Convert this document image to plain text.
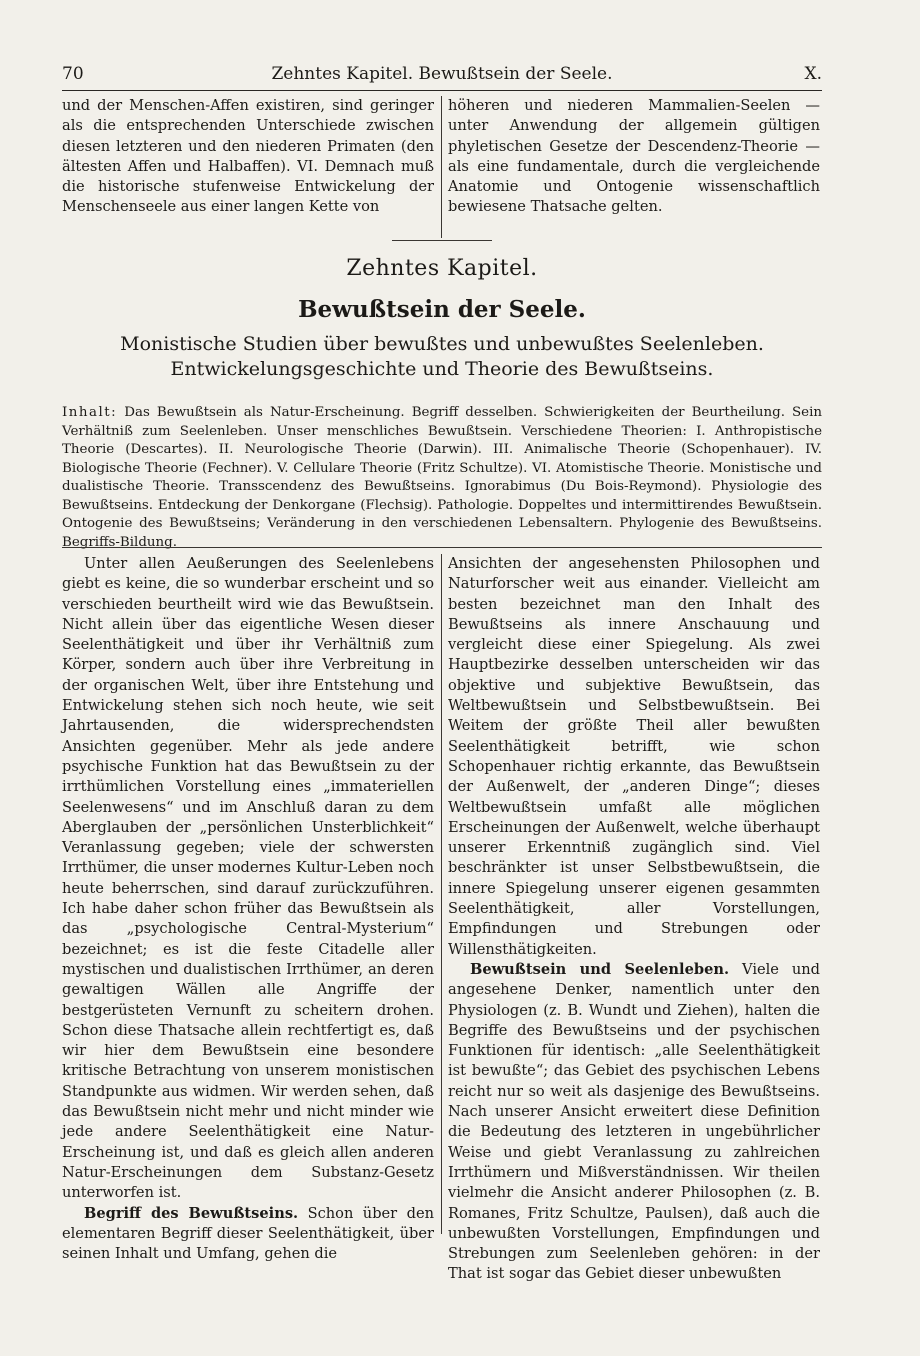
70	Zehntes Kapitel. Bewußtsein der Seele.	X.

und der Menschen-Affen existiren, sind geringer als die entsprechenden Unterschiede zwischen diesen letzteren und den niederen Primaten (den ältesten Affen und Halbaffen). VI. Demnach muß die historische stufenweise Entwickelung der Menschenseele aus einer langen Kette von

höheren und niederen Mammalien-Seelen — unter Anwendung der allgemein gültigen phyletischen Gesetze der Descendenz-Theorie — als eine fundamentale, durch die vergleichende Anatomie und Ontogenie wissenschaftlich bewiesene Thatsache gelten.

Zehntes Kapitel.
Bewußtsein der Seele.
Monistische Studien über bewußtes und unbewußtes Seelenleben. Entwickelungsgeschichte und Theorie des Bewußtseins.

Inhalt: Das Bewußtsein als Natur-Erscheinung. Begriff desselben. Schwierigkeiten der Beurtheilung. Sein Verhältniß zum Seelenleben. Unser menschliches Bewußtsein. Verschiedene Theorien: I. Anthropistische Theorie (Descartes). II. Neurologische Theorie (Darwin). III. Animalische Theorie (Schopenhauer). IV. Biologische Theorie (Fechner). V. Cellulare Theorie (Fritz Schultze). VI. Atomistische Theorie. Monistische und dualistische Theorie. Transscendenz des Bewußtseins. Ignorabimus (Du Bois-Reymond). Physiologie des Bewußtseins. Entdeckung der Denkorgane (Flechsig). Pathologie. Doppeltes und intermittirendes Bewußtsein. Ontogenie des Bewußtseins; Veränderung in den verschiedenen Lebensaltern. Phylogenie des Bewußtseins. Begriffs-Bildung.

Unter allen Aeußerungen des Seelenlebens giebt es keine, die so wunderbar erscheint und so verschieden beurtheilt wird wie das Bewußtsein. Nicht allein über das eigentliche Wesen dieser Seelenthätigkeit und über ihr Verhältniß zum Körper, sondern auch über ihre Verbreitung in der organischen Welt, über ihre Entstehung und Entwickelung stehen sich noch heute, wie seit Jahrtausenden, die widersprechendsten Ansichten gegenüber. Mehr als jede andere psychische Funktion hat das Bewußtsein zu der irrthümlichen Vorstellung eines „immateriellen Seelenwesens“ und im Anschluß daran zu dem Aberglauben der „persönlichen Unsterblichkeit“ Veranlassung gegeben; viele der schwersten Irrthümer, die unser modernes Kultur-Leben noch heute beherrschen, sind darauf zurückzuführen. Ich habe daher schon früher das Bewußtsein als das „psychologische Central-Mysterium“ bezeichnet; es ist die feste Citadelle aller mystischen und dualistischen Irrthümer, an deren gewaltigen Wällen alle Angriffe der bestgerüsteten Vernunft zu scheitern drohen. Schon diese Thatsache allein rechtfertigt es, daß wir hier dem Bewußtsein eine besondere kritische Betrachtung von unserem monistischen Standpunkte aus widmen. Wir werden sehen, daß das Bewußtsein nicht mehr und nicht minder wie jede andere Seelenthätigkeit eine Natur-Erscheinung ist, und daß es gleich allen anderen Natur-Erscheinungen dem Substanz-Gesetz unterworfen ist.

Begriff des Bewußtseins. Schon über den elementaren Begriff dieser Seelenthätigkeit, über seinen Inhalt und Umfang, gehen die

Ansichten der angesehensten Philosophen und Naturforscher weit aus einander. Vielleicht am besten bezeichnet man den Inhalt des Bewußtseins als innere Anschauung und vergleicht diese einer Spiegelung. Als zwei Hauptbezirke desselben unterscheiden wir das objektive und subjektive Bewußtsein, das Weltbewußtsein und Selbstbewußtsein. Bei Weitem der größte Theil aller bewußten Seelenthätigkeit betrifft, wie schon Schopenhauer richtig erkannte, das Bewußtsein der Außenwelt, der „anderen Dinge“; dieses Weltbewußtsein umfaßt alle möglichen Erscheinungen der Außenwelt, welche überhaupt unserer Erkenntniß zugänglich sind. Viel beschränkter ist unser Selbstbewußtsein, die innere Spiegelung unserer eigenen gesammten Seelenthätigkeit, aller Vorstellungen, Empfindungen und Strebungen oder Willensthätigkeiten.

Bewußtsein und Seelenleben. Viele und angesehene Denker, namentlich unter den Physiologen (z. B. Wundt und Ziehen), halten die Begriffe des Bewußtseins und der psychischen Funktionen für identisch: „alle Seelenthätigkeit ist bewußte“; das Gebiet des psychischen Lebens reicht nur so weit als dasjenige des Bewußtseins. Nach unserer Ansicht erweitert diese Definition die Bedeutung des letzteren in ungebührlicher Weise und giebt Veranlassung zu zahlreichen Irrthümern und Mißverständnissen. Wir theilen vielmehr die Ansicht anderer Philosophen (z. B. Romanes, Fritz Schultze, Paulsen), daß auch die unbewußten Vorstellungen, Empfindungen und Strebungen zum Seelenleben gehören: in der That ist sogar das Gebiet dieser unbewußten
